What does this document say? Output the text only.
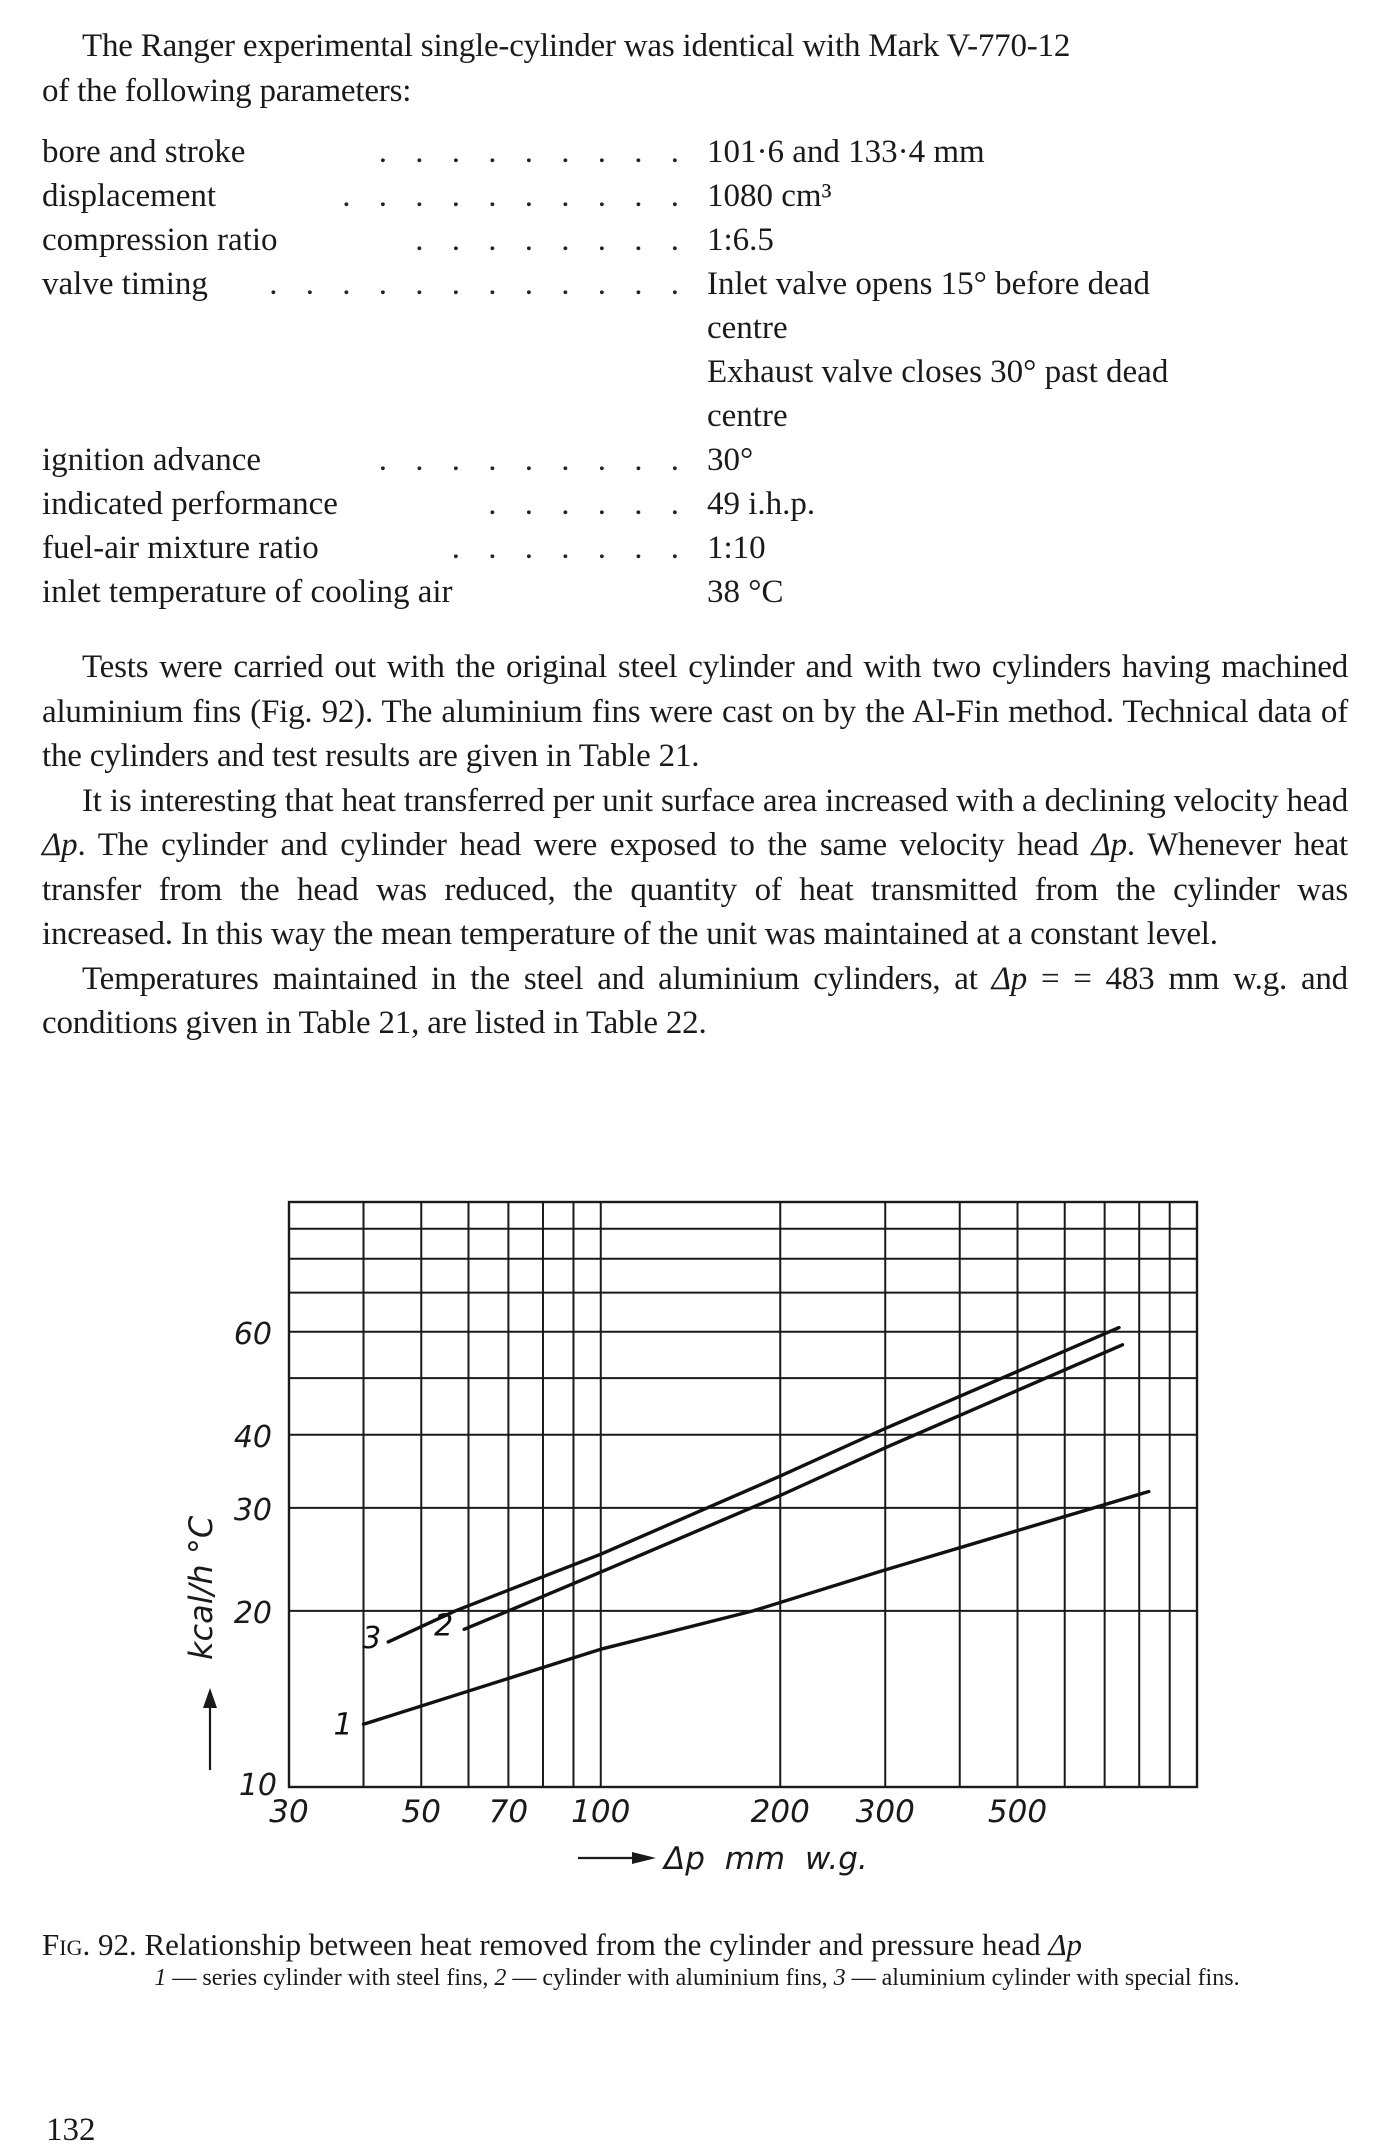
The Ranger experimental single-cylinder was identical with Mark V-770-12
of the following parameters:
bore and stroke	. . . . . . . . . 101·6 and 133·4 mm
displacement	. . . . . . . . . . 1080 cm³
compression ratio	. . . . . . . . 1:6.5
valve timing . . . . . . . . . . . . Inlet valve opens 15° before dead
centre
Exhaust valve closes 30° past dead
centre
ignition advance	. . . . . . . . . 30°
indicated performance	. . . . . . 49 i.h.p.
fuel-air mixture ratio	. . . . . . . 1:10
inlet temperature of cooling air	38 °C

Tests were carried out with the original steel cylinder and with two cylinders having machined aluminium fins (Fig. 92). The aluminium fins were cast on by the Al-Fin method. Technical data of the cylinders and test results are given in Table 21.

It is interesting that heat transferred per unit surface area increased with a declining velocity head Δp. The cylinder and cylinder head were exposed to the same velocity head Δp. Whenever heat transfer from the head was reduced, the quantity of heat transmitted from the cylinder was increased. In this way the mean temperature of the unit was maintained at a constant level.

Temperatures maintained in the steel and aluminium cylinders, at Δp = = 483 mm w.g. and conditions given in Table 21, are listed in Table 22.

10
20
30
40
60
30	50 70 100	200 300 500
kcal/h °C
Δp mm w.g.
1
2
3
Fig. 92. Relationship between heat removed from the cylinder and pressure head Δp
1 — series cylinder with steel fins, 2 — cylinder with aluminium fins, 3 — aluminium cylinder with special fins.
132
